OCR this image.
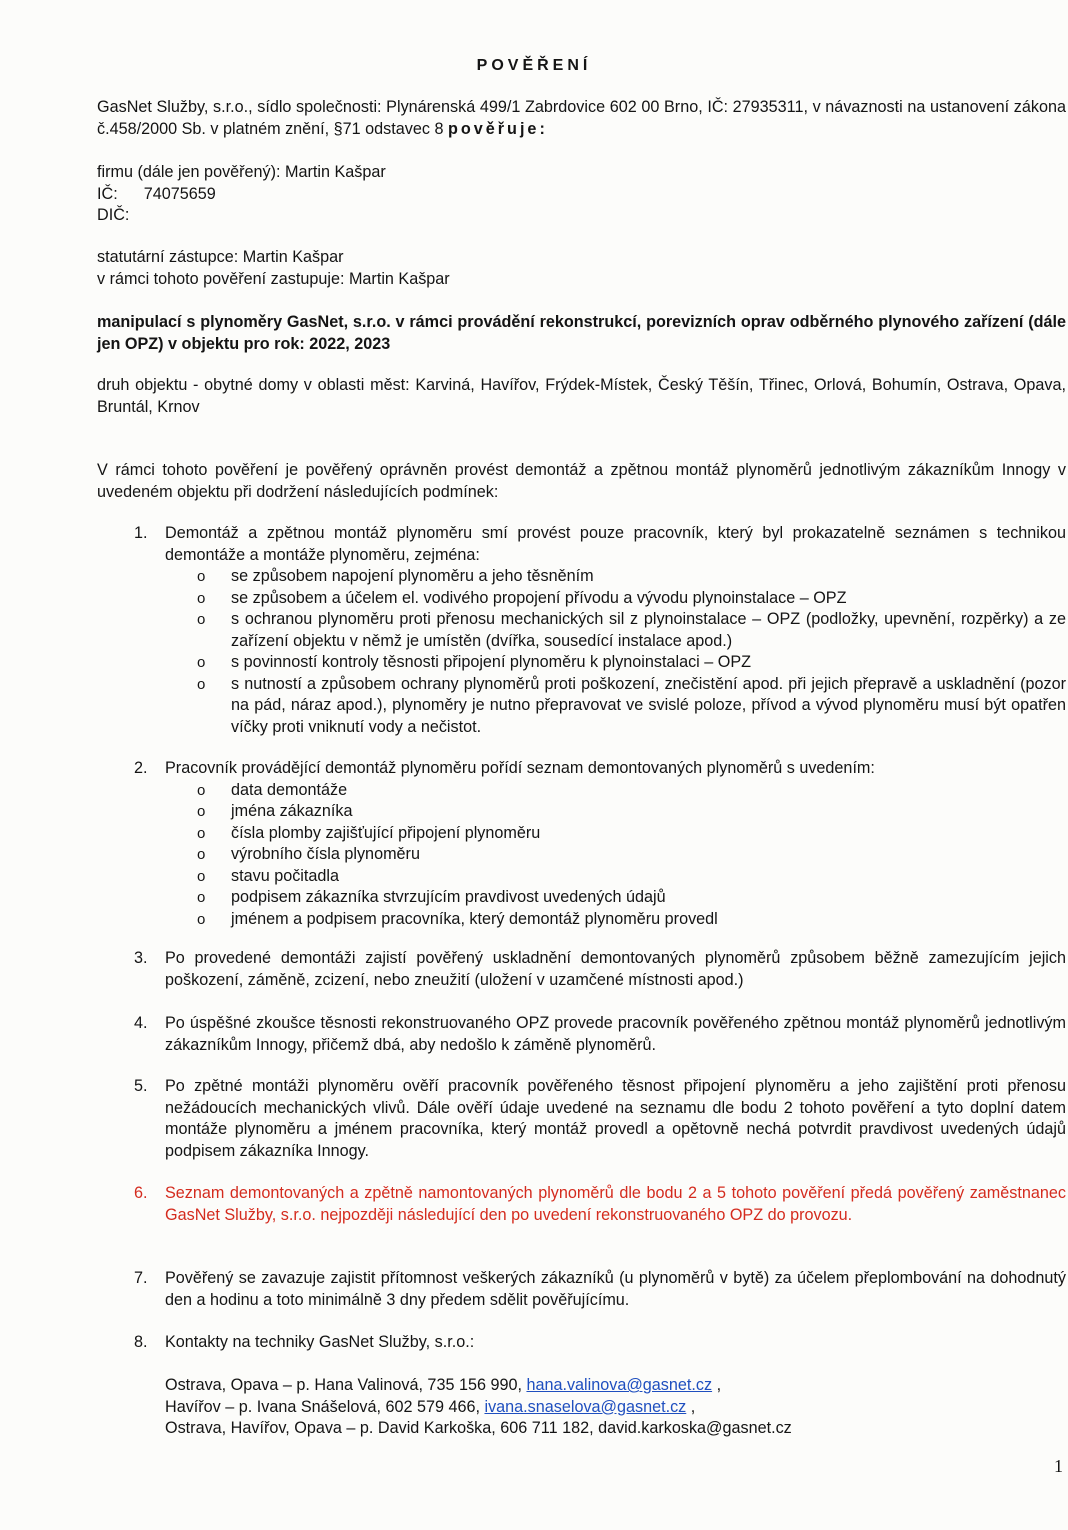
POVĚŘENÍ
GasNet Služby, s.r.o., sídlo společnosti: Plynárenská 499/1 Zabrdovice 602 00 Brno, IČ: 27935311, v návaznosti na ustanovení zákona č.458/2000 Sb. v platném znění, §71 odstavec 8 pověřuje:
firmu (dále jen pověřený): Martin Kašpar
IČ: 74075659
DIČ:
statutární zástupce: Martin Kašpar
v rámci tohoto pověření zastupuje: Martin Kašpar
manipulací s plynoměry GasNet, s.r.o. v rámci provádění rekonstrukcí, porevizních oprav odběrného plynového zařízení (dále jen OPZ) v objektu pro rok: 2022, 2023
druh objektu - obytné domy v oblasti měst: Karviná, Havířov, Frýdek-Místek, Český Těšín, Třinec, Orlová, Bohumín, Ostrava, Opava, Bruntál, Krnov
V rámci tohoto pověření je pověřený oprávněn provést demontáž a zpětnou montáž plynoměrů jednotlivým zákazníkům Innogy v uvedeném objektu při dodržení následujících podmínek:
1.	Demontáž a zpětnou montáž plynoměru smí provést pouze pracovník, který byl prokazatelně seznámen s technikou demontáže a montáže plynoměru, zejména:
o se způsobem napojení plynoměru a jeho těsněním
o se způsobem a účelem el. vodivého propojení přívodu a vývodu plynoinstalace – OPZ
o s ochranou plynoměru proti přenosu mechanických sil z plynoinstalace – OPZ (podložky, upevnění, rozpěrky) a ze zařízení objektu v němž je umístěn (dvířka, sousedící instalace apod.)
o s povinností kontroly těsnosti připojení plynoměru k plynoinstalaci – OPZ
o s nutností a způsobem ochrany plynoměrů proti poškození, znečistění apod. při jejich přepravě a uskladnění (pozor na pád, náraz apod.), plynoměry je nutno přepravovat ve svislé poloze, přívod a vývod plynoměru musí být opatřen víčky proti vniknutí vody a nečistot.
2.	Pracovník provádějící demontáž plynoměru pořídí seznam demontovaných plynoměrů s uvedením:
o data demontáže
o jména zákazníka
o čísla plomby zajišťující připojení plynoměru
o výrobního čísla plynoměru
o stavu počitadla
o podpisem zákazníka stvrzujícím pravdivost uvedených údajů
o jménem a podpisem pracovníka, který demontáž plynoměru provedl
3.	Po provedené demontáži zajistí pověřený uskladnění demontovaných plynoměrů způsobem běžně zamezujícím jejich poškození, záměně, zcizení, nebo zneužití (uložení v uzamčené místnosti apod.)
4.	Po úspěšné zkoušce těsnosti rekonstruovaného OPZ provede pracovník pověřeného zpětnou montáž plynoměrů jednotlivým zákazníkům Innogy, přičemž dbá, aby nedošlo k záměně plynoměrů.
5.	Po zpětné montáži plynoměru ověří pracovník pověřeného těsnost připojení plynoměru a jeho zajištění proti přenosu nežádoucích mechanických vlivů. Dále ověří údaje uvedené na seznamu dle bodu 2 tohoto pověření a tyto doplní datem montáže plynoměru a jménem pracovníka, který montáž provedl a opětovně nechá potvrdit pravdivost uvedených údajů podpisem zákazníka Innogy.
6.	Seznam demontovaných a zpětně namontovaných plynoměrů dle bodu 2 a 5 tohoto pověření předá pověřený zaměstnanec GasNet Služby, s.r.o. nejpozději následující den po uvedení rekonstruovaného OPZ do provozu.
7.	Pověřený se zavazuje zajistit přítomnost veškerých zákazníků (u plynoměrů v bytě) za účelem přeplombování na dohodnutý den a hodinu a toto minimálně 3 dny předem sdělit pověřujícímu.
8.	Kontakty na techniky GasNet Služby, s.r.o.:
Ostrava, Opava – p. Hana Valinová, 735 156 990, hana.valinova@gasnet.cz ,
Havířov – p. Ivana Snášelová, 602 579 466, ivana.snaselova@gasnet.cz ,
Ostrava, Havířov, Opava – p. David Karkoška, 606 711 182, david.karkoska@gasnet.cz
1
